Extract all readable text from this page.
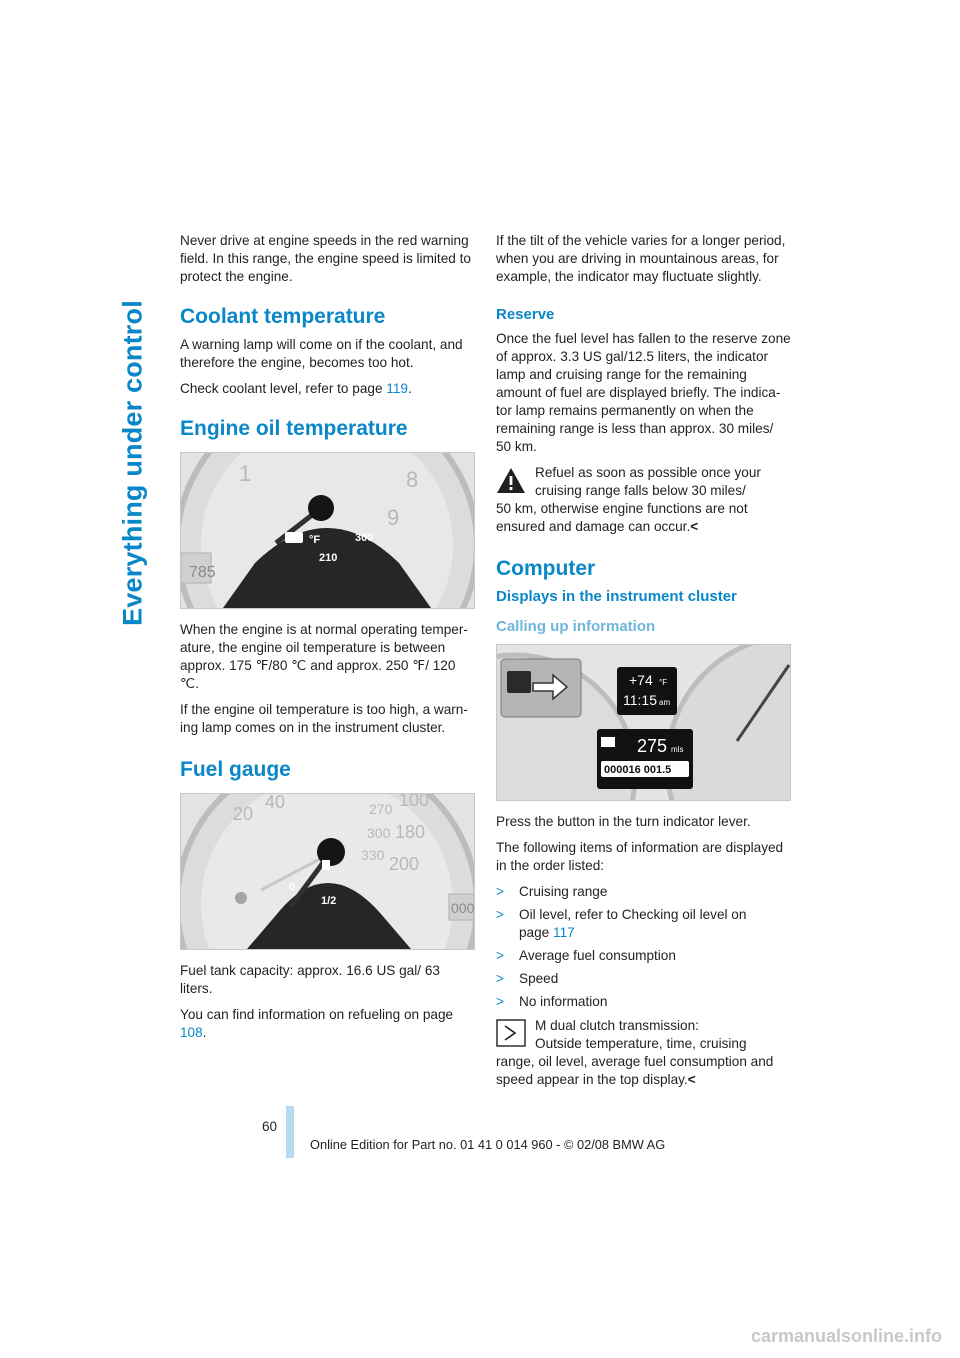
Everything under control

Never drive at engine speeds in the red warning field. In this range, the engine speed is limited to protect the engine.

Coolant temperature

A warning lamp will come on if the coolant, and therefore the engine, becomes too hot.

Check coolant level, refer to page 119.

Engine oil temperature
785
1	8
9
°F	300
210

When the engine is at normal operating temperature, the engine oil temperature is between approx. 175 ℉/80 ℃ and approx. 250 ℉/ 120 ℃.

If the engine oil temperature is too high, a warning lamp comes on in the instrument cluster.

Fuel gauge
20
40	270 100
300 180
330 200
0
1/2	000

Fuel tank capacity: approx. 16.6 US gal/ 63 liters.

You can find information on refueling on page 108.

If the tilt of the vehicle varies for a longer period, when you are driving in mountainous areas, for example, the indicator may fluctuate slightly.

Reserve

Once the fuel level has fallen to the reserve zone of approx. 3.3 US gal/12.5 liters, the indicator lamp and cruising range for the remaining amount of fuel are displayed briefly. The indicator lamp remains permanently on when the remaining range is less than approx. 30 miles/ 50 km.

Refuel as soon as possible once your

cruising range falls below 30 miles/

50 km, otherwise engine functions are not ensured and damage can occur.<

Computer
Displays in the instrument cluster
Calling up information
+74 °F
11:15 am
275 mls
000016 001.5

Press the button in the turn indicator lever.

The following items of information are displayed in the order listed:

> Cruising range
> Oil level, refer to Checking oil level on
page 117
> Average fuel consumption
> Speed
> No information

M dual clutch transmission:

Outside temperature, time, cruising

range, oil level, average fuel consumption and speed appear in the top display.<

60
Online Edition for Part no. 01 41 0 014 960 - © 02/08 BMW AG
carmanualsonline.info
